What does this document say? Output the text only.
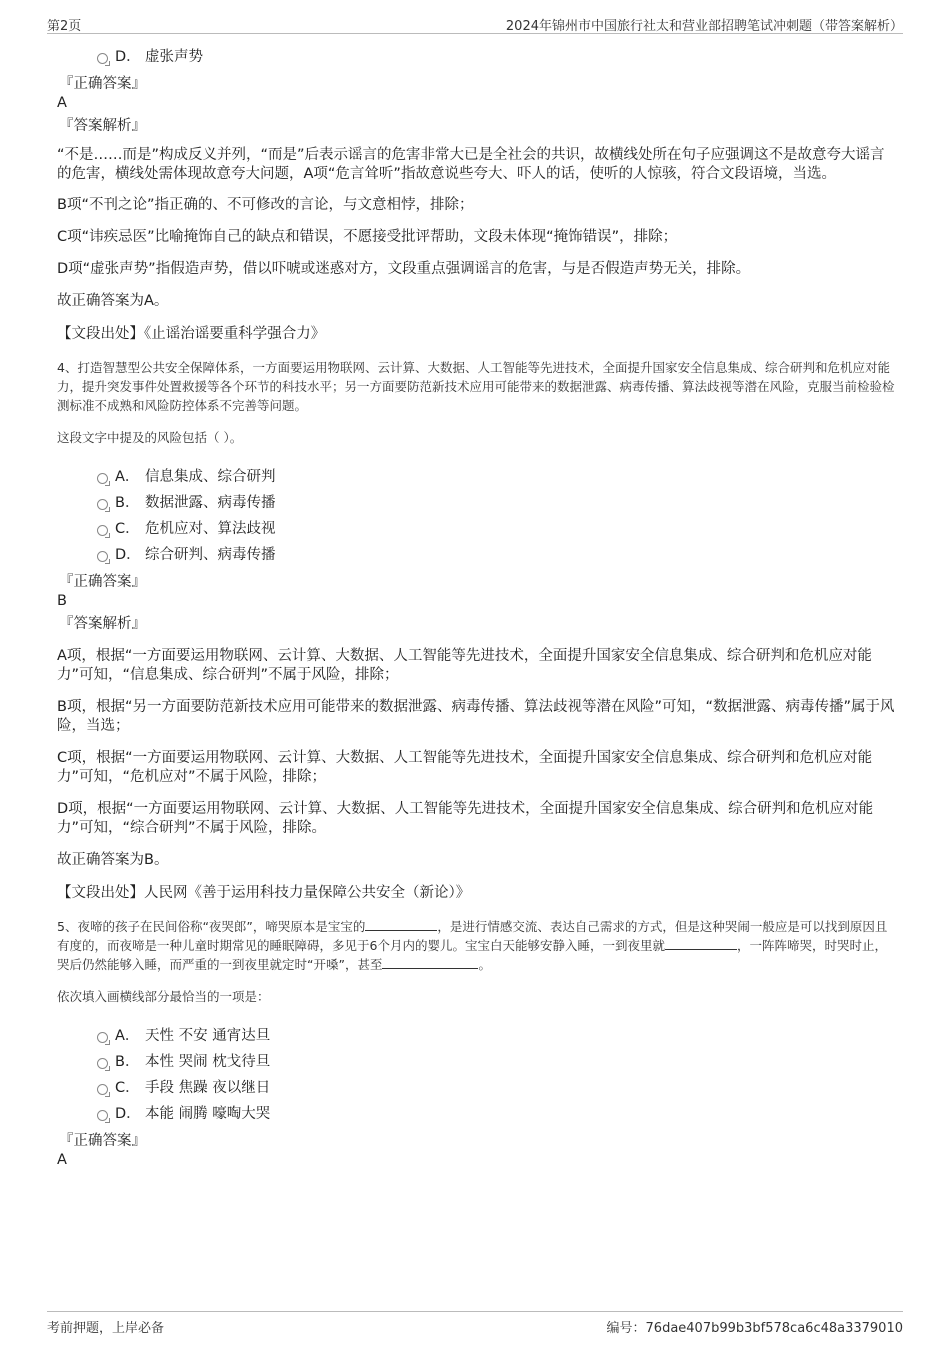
第2页	2024年锦州市中国旅行社太和营业部招聘笔试冲刺题（带答案解析）
D． 虚张声势
『正确答案』
A
『答案解析』

“不是……而是”构成反义并列，“而是”后表示谣言的危害非常大已是全社会的共识，故横线处所在句子应强调这不是故意夸大谣言的危害，横线处需体现故意夸大问题，A项“危言耸听”指故意说些夸大、吓人的话，使听的人惊骇，符合文段语境，当选。

B项“不刊之论”指正确的、不可修改的言论，与文意相悖，排除；

C项“讳疾忌医”比喻掩饰自己的缺点和错误，不愿接受批评帮助，文段未体现“掩饰错误”，排除；

D项“虚张声势”指假造声势，借以吓唬或迷惑对方，文段重点强调谣言的危害，与是否假造声势无关，排除。

故正确答案为A。

【文段出处】《止谣治谣要重科学强合力》

4、打造智慧型公共安全保障体系，一方面要运用物联网、云计算、大数据、人工智能等先进技术，全面提升国家安全信息集成、综合研判和危机应对能力，提升突发事件处置救援等各个环节的科技水平；另一方面要防范新技术应用可能带来的数据泄露、病毒传播、算法歧视等潜在风险，克服当前检验检测标准不成熟和风险防控体系不完善等问题。

这段文字中提及的风险包括（ ）。

A． 信息集成、综合研判
B． 数据泄露、病毒传播
C． 危机应对、算法歧视
D． 综合研判、病毒传播
『正确答案』
B
『答案解析』

A项，根据“一方面要运用物联网、云计算、大数据、人工智能等先进技术，全面提升国家安全信息集成、综合研判和危机应对能力”可知，“信息集成、综合研判”不属于风险，排除；

B项，根据“另一方面要防范新技术应用可能带来的数据泄露、病毒传播、算法歧视等潜在风险”可知，“数据泄露、病毒传播”属于风险，当选；

C项，根据“一方面要运用物联网、云计算、大数据、人工智能等先进技术，全面提升国家安全信息集成、综合研判和危机应对能力”可知，“危机应对”不属于风险，排除；

D项，根据“一方面要运用物联网、云计算、大数据、人工智能等先进技术，全面提升国家安全信息集成、综合研判和危机应对能力”可知，“综合研判”不属于风险，排除。

故正确答案为B。

【文段出处】人民网《善于运用科技力量保障公共安全（新论）》

5、夜啼的孩子在民间俗称“夜哭郎”，啼哭原本是宝宝的	，是进行情感交流、表达自己需求的方式，但是这种哭闹一般应是可以找到原因且有度的，而夜啼是一种儿童时期常见的睡眠障碍，多见于6个月内的婴儿。宝宝白天能够安静入睡，一到夜里就	，一阵阵啼哭，时哭时止，哭后仍然能够入睡，而严重的一到夜里就定时“开嗓”，甚至	。

依次填入画横线部分最恰当的一项是：

A． 天性 不安 通宵达旦
B． 本性 哭闹 枕戈待旦
C． 手段 焦躁 夜以继日
D． 本能 闹腾 嚎啕大哭
『正确答案』
A
考前押题，上岸必备	编号：76dae407b99b3bf578ca6c48a3379010
